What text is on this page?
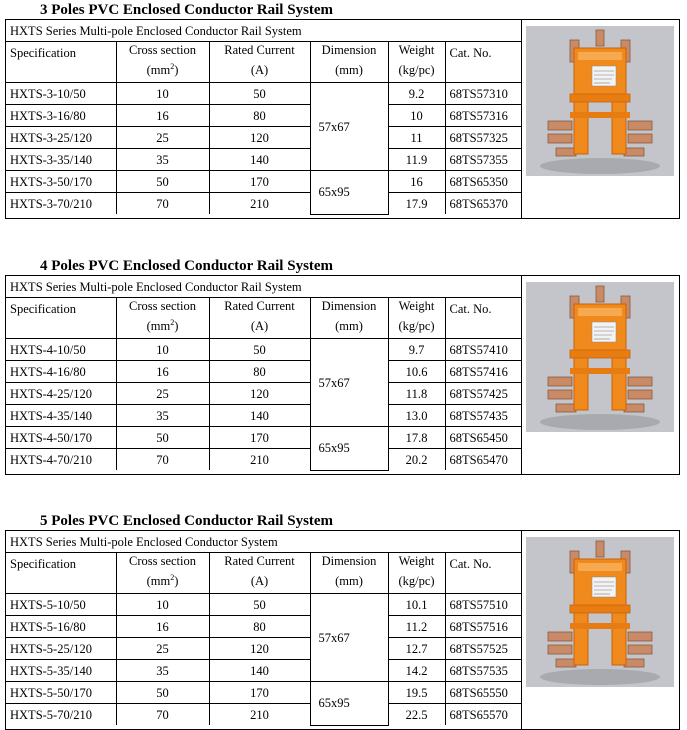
3 Poles PVC Enclosed Conductor Rail System
HXTS Series Multi-pole Enclosed Conductor Rail System					
Specification	Cross section	Rated Current	Dimension	Weight	Cat. No.
	$(mm^2)$	(A)	(mm)	(kg/pc)	
HXTS-3-10/50	10	50	57x67	9.2	68TS57310
HXTS-3-16/80	16	80		10	68TS57316
HXTS-3-25/120	25	120		11	68TS57325
HXTS-3-35/140	35	140		11.9	68TS57355
HXTS-3-50/170	50	170	65x95	16	68TS65350
HXTS-3-70/210	70	210		17.9	68TS65370
4 Poles PVC Enclosed Conductor Rail System
HXTS Series Multi-pole Enclosed Conductor Rail System					
Specification	Cross section	Rated Current	Dimension	Weight	Cat. No.
	$(mm^2)$	(A)	(mm)	(kg/pc)	
HXTS-4-10/50	10	50	57x67	9.7	68TS57410
HXTS-4-16/80	16	80		10.6	68TS57416
HXTS-4-25/120	25	120		11.8	68TS57425
HXTS-4-35/140	35	140		13.0	68TS57435
HXTS-4-50/170	50	170	65x95	17.8	68TS65450
HXTS-4-70/210	70	210		20.2	68TS65470
5 Poles PVC Enclosed Conductor Rail System
HXTS Series Multi-pole Enclosed Conductor System					
Specification	Cross section	Rated Current	Dimension	Weight	Cat. No.
	$(mm^2)$	(A)	(mm)	(kg/pc)	
HXTS-5-10/50	10	50	57x67	10.1	68TS57510
HXTS-5-16/80	16	80		11.2	68TS57516
HXTS-5-25/120	25	120		12.7	68TS57525
HXTS-5-35/140	35	140		14.2	68TS57535
HXTS-5-50/170	50	170	65x95	19.5	68TS65550
HXTS-5-70/210	70	210		22.5	68TS65570
